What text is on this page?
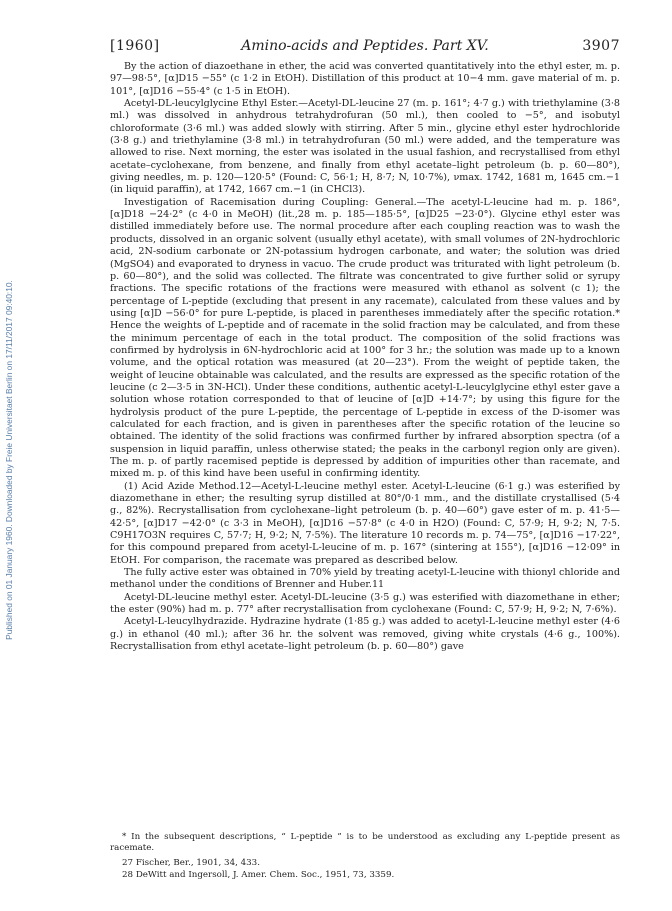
Published on 01 January 1960. Downloaded by Freie Universitaet Berlin on 17/11/2017 09:40:10.
[1960]	Amino-acids and Peptides. Part XV.	3907

By the action of diazoethane in ether, the acid was converted quantitatively into the ethyl ester, m. p. 97—98·5°, [α]D15 −55° (c 1·2 in EtOH). Distillation of this product at 10−4 mm. gave material of m. p. 101°, [α]D16 −55·4° (c 1·5 in EtOH).

Acetyl-DL-leucylglycine Ethyl Ester.—Acetyl-DL-leucine 27 (m. p. 161°; 4·7 g.) with triethylamine (3·8 ml.) was dissolved in anhydrous tetrahydrofuran (50 ml.), then cooled to −5°, and isobutyl chloroformate (3·6 ml.) was added slowly with stirring. After 5 min., glycine ethyl ester hydrochloride (3·8 g.) and triethylamine (3·8 ml.) in tetrahydrofuran (50 ml.) were added, and the temperature was allowed to rise. Next morning, the ester was isolated in the usual fashion, and recrystallised from ethyl acetate–cyclohexane, from benzene, and finally from ethyl acetate–light petroleum (b. p. 60—80°), giving needles, m. p. 120—120·5° (Found: C, 56·1; H, 8·7; N, 10·7%), νmax. 1742, 1681 m, 1645 cm.−1 (in liquid paraffin), at 1742, 1667 cm.−1 (in CHCl3).

Investigation of Racemisation during Coupling: General.—The acetyl-L-leucine had m. p. 186°, [α]D18 −24·2° (c 4·0 in MeOH) (lit.,28 m. p. 185—185·5°, [α]D25 −23·0°). Glycine ethyl ester was distilled immediately before use. The normal procedure after each coupling reaction was to wash the products, dissolved in an organic solvent (usually ethyl acetate), with small volumes of 2N-hydrochloric acid, 2N-sodium carbonate or 2N-potassium hydrogen carbonate, and water; the solution was dried (MgSO4) and evaporated to dryness in vacuo. The crude product was triturated with light petroleum (b. p. 60—80°), and the solid was collected. The filtrate was concentrated to give further solid or syrupy fractions. The specific rotations of the fractions were measured with ethanol as solvent (c 1); the percentage of L-peptide (excluding that present in any racemate), calculated from these values and by using [α]D −56·0° for pure L-peptide, is placed in parentheses immediately after the specific rotation.* Hence the weights of L-peptide and of racemate in the solid fraction may be calculated, and from these the minimum percentage of each in the total product. The composition of the solid fractions was confirmed by hydrolysis in 6N-hydrochloric acid at 100° for 3 hr.; the solution was made up to a known volume, and the optical rotation was measured (at 20—23°). From the weight of peptide taken, the weight of leucine obtainable was calculated, and the results are expressed as the specific rotation of the leucine (c 2—3·5 in 3N-HCl). Under these conditions, authentic acetyl-L-leucylglycine ethyl ester gave a solution whose rotation corresponded to that of leucine of [α]D +14·7°; by using this figure for the hydrolysis product of the pure L-peptide, the percentage of L-peptide in excess of the D-isomer was calculated for each fraction, and is given in parentheses after the specific rotation of the leucine so obtained. The identity of the solid fractions was confirmed further by infrared absorption spectra (of a suspension in liquid paraffin, unless otherwise stated; the peaks in the carbonyl region only are given). The m. p. of partly racemised peptide is depressed by addition of impurities other than racemate, and mixed m. p. of this kind have been useful in confirming identity.

(1) Acid Azide Method.12—Acetyl-L-leucine methyl ester. Acetyl-L-leucine (6·1 g.) was esterified by diazomethane in ether; the resulting syrup distilled at 80°/0·1 mm., and the distillate crystallised (5·4 g., 82%). Recrystallisation from cyclohexane–light petroleum (b. p. 40—60°) gave ester of m. p. 41·5—42·5°, [α]D17 −42·0° (c 3·3 in MeOH), [α]D16 −57·8° (c 4·0 in H2O) (Found: C, 57·9; H, 9·2; N, 7·5. C9H17O3N requires C, 57·7; H, 9·2; N, 7·5%). The literature 10 records m. p. 74—75°, [α]D16 −17·22°, for this compound prepared from acetyl-L-leucine of m. p. 167° (sintering at 155°), [α]D16 −12·09° in EtOH. For comparison, the racemate was prepared as described below.

The fully active ester was obtained in 70% yield by treating acetyl-L-leucine with thionyl chloride and methanol under the conditions of Brenner and Huber.11

Acetyl-DL-leucine methyl ester. Acetyl-DL-leucine (3·5 g.) was esterified with diazomethane in ether; the ester (90%) had m. p. 77° after recrystallisation from cyclohexane (Found: C, 57·9; H, 9·2; N, 7·6%).

Acetyl-L-leucylhydrazide. Hydrazine hydrate (1·85 g.) was added to acetyl-L-leucine methyl ester (4·6 g.) in ethanol (40 ml.); after 36 hr. the solvent was removed, giving white crystals (4·6 g., 100%). Recrystallisation from ethyl acetate–light petroleum (b. p. 60—80°) gave

* In the subsequent descriptions, “ L-peptide ” is to be understood as excluding any L-peptide present as racemate.

27 Fischer, Ber., 1901, 34, 433.
28 DeWitt and Ingersoll, J. Amer. Chem. Soc., 1951, 73, 3359.
